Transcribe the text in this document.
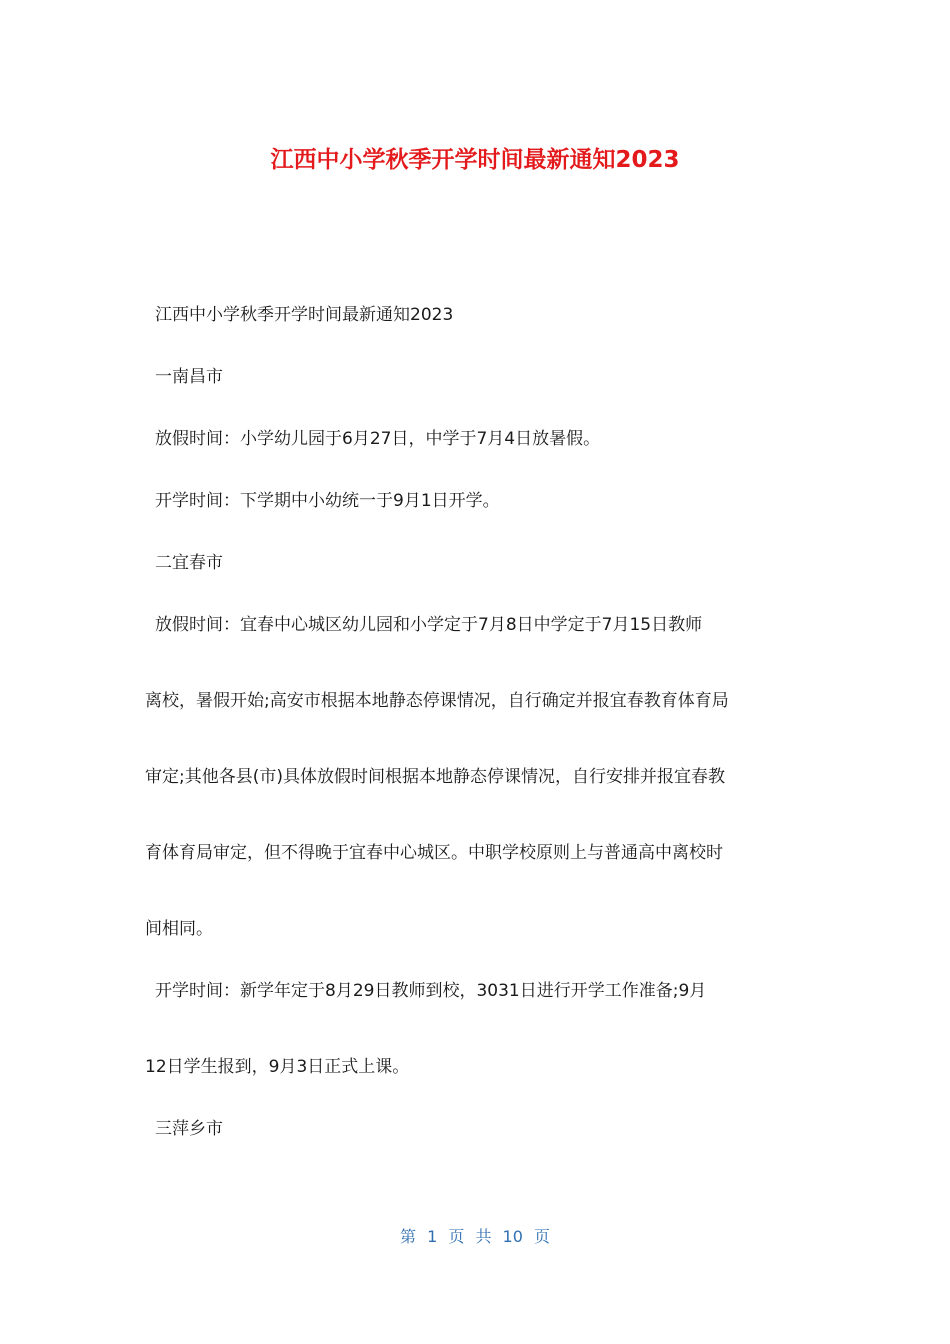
江西中小学秋季开学时间最新通知2023

江西中小学秋季开学时间最新通知2023

一南昌市

放假时间：小学幼儿园于6月27日，中学于7月4日放暑假。

开学时间：下学期中小幼统一于9月1日开学。

二宜春市

放假时间：宜春中心城区幼儿园和小学定于7月8日中学定于7月15日教师

离校，暑假开始;高安市根据本地静态停课情况，自行确定并报宜春教育体育局

审定;其他各县(市)具体放假时间根据本地静态停课情况，自行安排并报宜春教

育体育局审定，但不得晚于宜春中心城区。中职学校原则上与普通高中离校时

间相同。

开学时间：新学年定于8月29日教师到校，3031日进行开学工作准备;9月

12日学生报到，9月3日正式上课。

三萍乡市

第 1 页 共 10 页
